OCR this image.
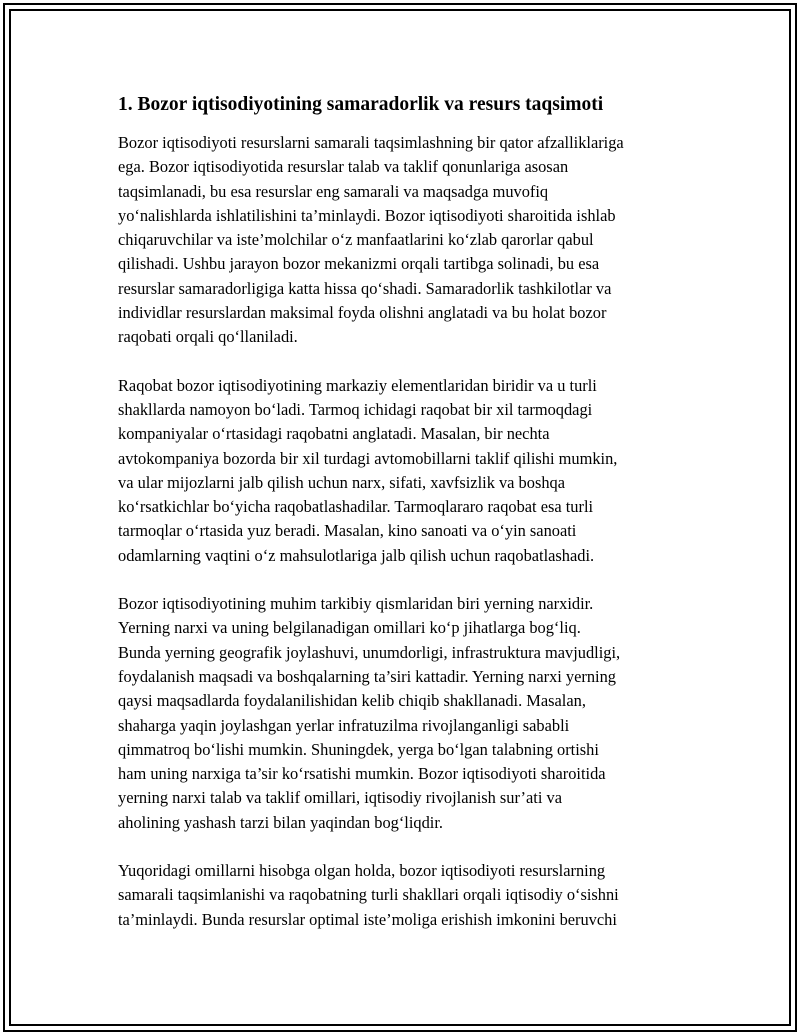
1. Bozor iqtisodiyotining samaradorlik va resurs taqsimoti
Bozor iqtisodiyoti resurslarni samarali taqsimlashning bir qator afzalliklariga
ega. Bozor iqtisodiyotida resurslar talab va taklif qonunlariga asosan
taqsimlanadi, bu esa resurslar eng samarali va maqsadga muvofiq
yo‘nalishlarda ishlatilishini ta’minlaydi. Bozor iqtisodiyoti sharoitida ishlab
chiqaruvchilar va iste’molchilar o‘z manfaatlarini ko‘zlab qarorlar qabul
qilishadi. Ushbu jarayon bozor mekanizmi orqali tartibga solinadi, bu esa
resurslar samaradorligiga katta hissa qo‘shadi. Samaradorlik tashkilotlar va
individlar resurslardan maksimal foyda olishni anglatadi va bu holat bozor
raqobati orqali qo‘llaniladi.
Raqobat bozor iqtisodiyotining markaziy elementlaridan biridir va u turli
shakllarda namoyon bo‘ladi. Tarmoq ichidagi raqobat bir xil tarmoqdagi
kompaniyalar o‘rtasidagi raqobatni anglatadi. Masalan, bir nechta
avtokompaniya bozorda bir xil turdagi avtomobillarni taklif qilishi mumkin,
va ular mijozlarni jalb qilish uchun narx, sifati, xavfsizlik va boshqa
ko‘rsatkichlar bo‘yicha raqobatlashadilar. Tarmoqlararo raqobat esa turli
tarmoqlar o‘rtasida yuz beradi. Masalan, kino sanoati va o‘yin sanoati
odamlarning vaqtini o‘z mahsulotlariga jalb qilish uchun raqobatlashadi.
Bozor iqtisodiyotining muhim tarkibiy qismlaridan biri yerning narxidir.
Yerning narxi va uning belgilanadigan omillari ko‘p jihatlarga bog‘liq.
Bunda yerning geografik joylashuvi, unumdorligi, infrastruktura mavjudligi,
foydalanish maqsadi va boshqalarning ta’siri kattadir. Yerning narxi yerning
qaysi maqsadlarda foydalanilishidan kelib chiqib shakllanadi. Masalan,
shaharga yaqin joylashgan yerlar infratuzilma rivojlanganligi sababli
qimmatroq bo‘lishi mumkin. Shuningdek, yerga bo‘lgan talabning ortishi
ham uning narxiga ta’sir ko‘rsatishi mumkin. Bozor iqtisodiyoti sharoitida
yerning narxi talab va taklif omillari, iqtisodiy rivojlanish sur’ati va
aholining yashash tarzi bilan yaqindan bog‘liqdir.
Yuqoridagi omillarni hisobga olgan holda, bozor iqtisodiyoti resurslarning
samarali taqsimlanishi va raqobatning turli shakllari orqali iqtisodiy o‘sishni
ta’minlaydi. Bunda resurslar optimal iste’moliga erishish imkonini beruvchi
